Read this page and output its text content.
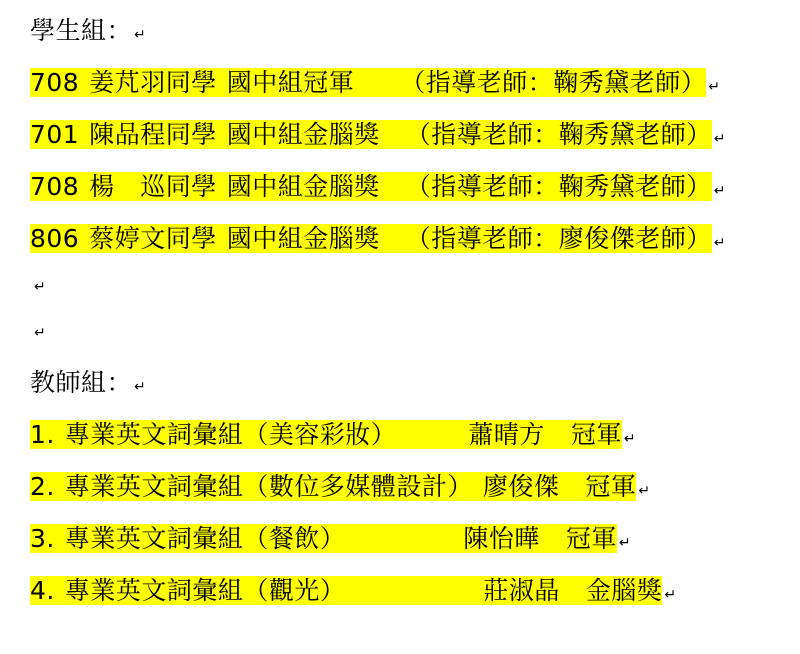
學生組： ↵
708 姜芃羽同學 國中組冠軍 （指導老師：鞠秀黛老師） ↵
701 陳品程同學 國中組金腦獎 （指導老師：鞠秀黛老師） ↵
708 楊　巡同學 國中組金腦獎 （指導老師：鞠秀黛老師） ↵
806 蔡婷文同學 國中組金腦獎 （指導老師：廖俊傑老師） ↵
↵
↵
教師組： ↵
1. 專業英文詞彙組（美容彩妝）	蕭晴方 冠軍 ↵
2. 專業英文詞彙組（數位多媒體設計） 廖俊傑 冠軍 ↵
3. 專業英文詞彙組（餐飲）	陳怡曄 冠軍 ↵
4. 專業英文詞彙組（觀光）	莊淑晶 金腦獎 ↵
